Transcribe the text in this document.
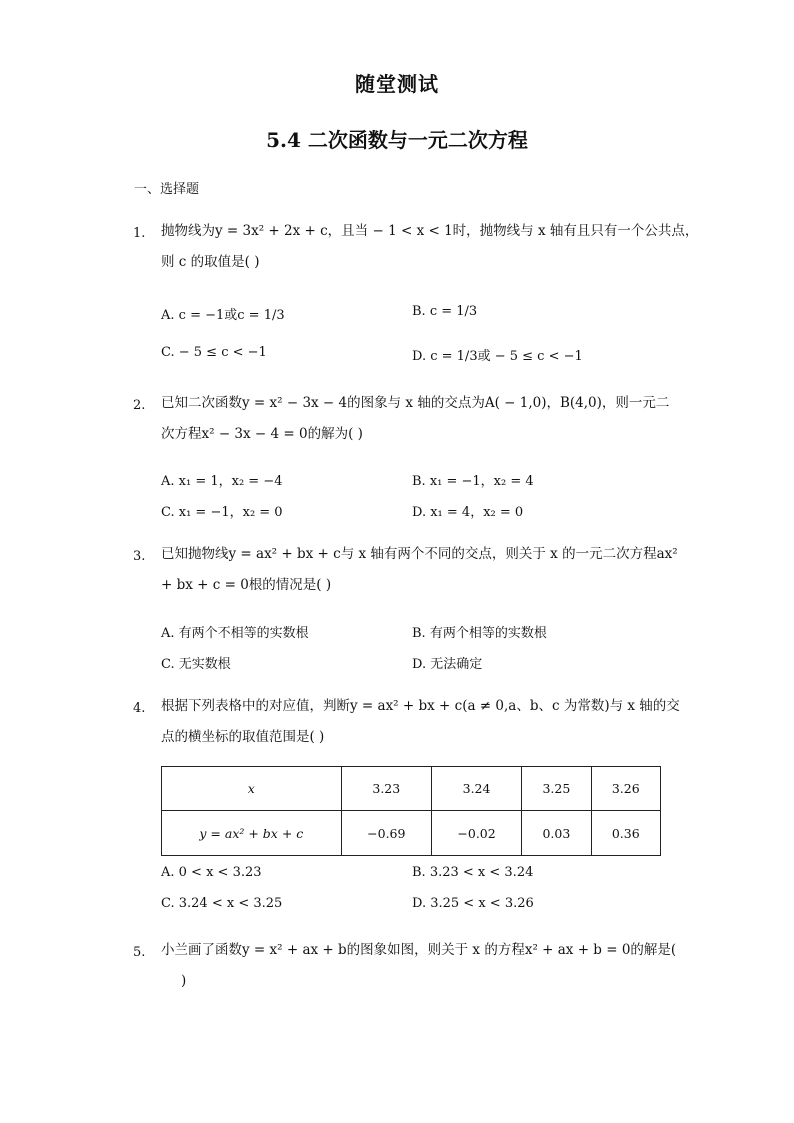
随堂测试
5.4 二次函数与一元二次方程
一、选择题
1. 抛物线为y = 3x² + 2x + c，且当 − 1 < x < 1时，抛物线与 x 轴有且只有一个公共点，
则 c 的取值是( )
A. c = −1或c = 1/3	B. c = 1/3
C. − 5 ≤ c < −1	D. c = 1/3或 − 5 ≤ c < −1
2. 已知二次函数y = x² − 3x − 4的图象与 x 轴的交点为A( − 1,0)，B(4,0)，则一元二
次方程x² − 3x − 4 = 0的解为( )
A. x₁ = 1，x₂ = −4	B. x₁ = −1，x₂ = 4
C. x₁ = −1，x₂ = 0	D. x₁ = 4，x₂ = 0
3. 已知抛物线y = ax² + bx + c与 x 轴有两个不同的交点，则关于 x 的一元二次方程ax²
+ bx + c = 0根的情况是( )
A. 有两个不相等的实数根	B. 有两个相等的实数根
C. 无实数根	D. 无法确定
4. 根据下列表格中的对应值，判断y = ax² + bx + c(a ≠ 0,a、b、c 为常数)与 x 轴的交
点的横坐标的取值范围是( )
x	3.23	3.24	3.25	3.26
y = ax² + bx + c	−0.69	−0.02	0.03	0.36
A. 0 < x < 3.23	B. 3.23 < x < 3.24
C. 3.24 < x < 3.25	D. 3.25 < x < 3.26
5. 小兰画了函数y = x² + ax + b的图象如图，则关于 x 的方程x² + ax + b = 0的解是(
)
